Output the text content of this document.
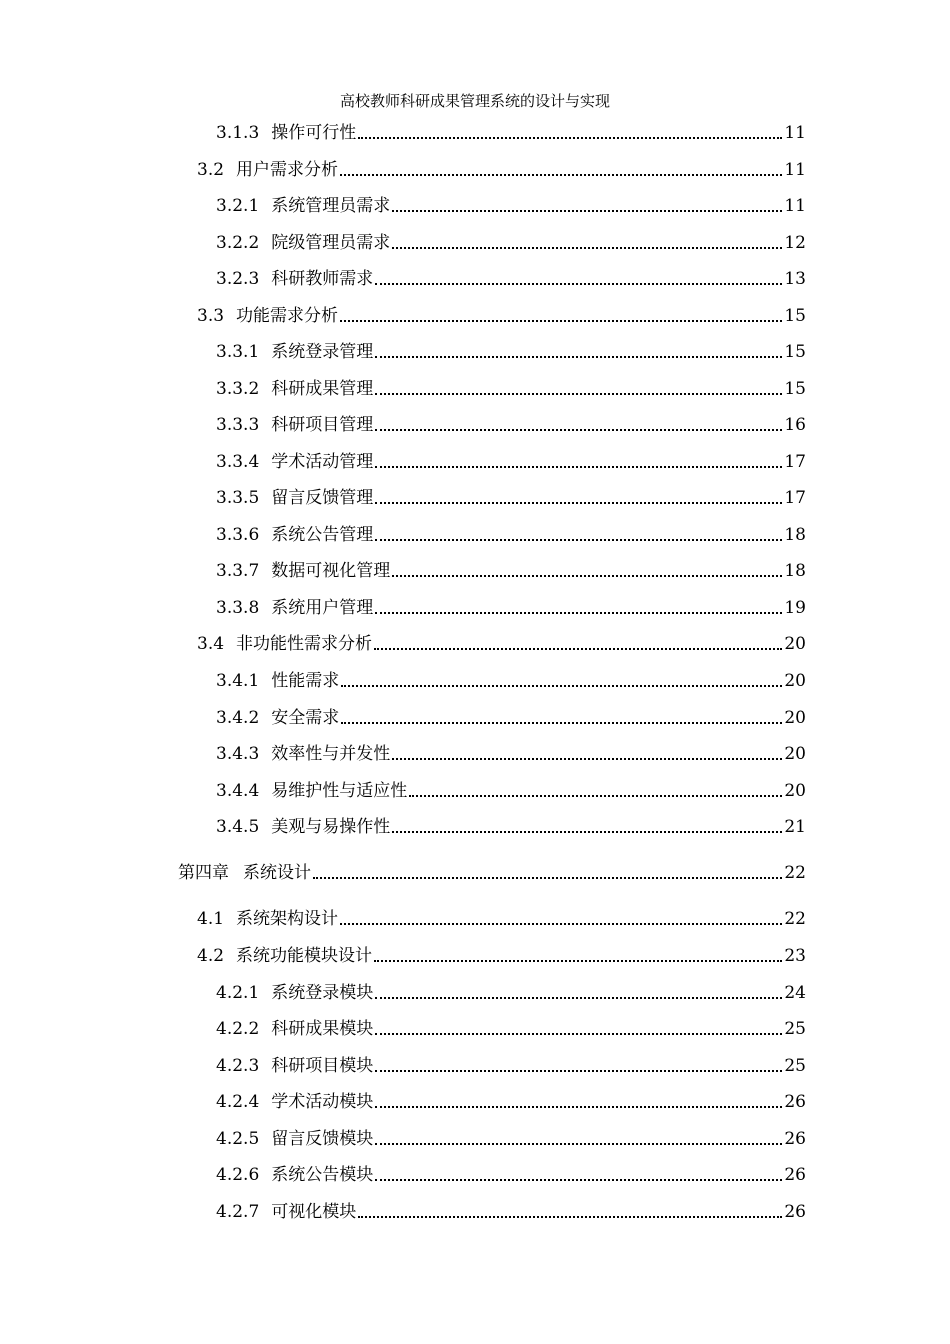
高校教师科研成果管理系统的设计与实现
3.1.3 操作可行性	11
3.2 用户需求分析	11
3.2.1 系统管理员需求	11
3.2.2 院级管理员需求	12
3.2.3 科研教师需求	13
3.3 功能需求分析	15
3.3.1 系统登录管理	15
3.3.2 科研成果管理	15
3.3.3 科研项目管理	16
3.3.4 学术活动管理	17
3.3.5 留言反馈管理	17
3.3.6 系统公告管理	18
3.3.7 数据可视化管理	18
3.3.8 系统用户管理	19
3.4 非功能性需求分析	20
3.4.1 性能需求	20
3.4.2 安全需求	20
3.4.3 效率性与并发性	20
3.4.4 易维护性与适应性	20
3.4.5 美观与易操作性	21
第四章 系统设计	22
4.1 系统架构设计	22
4.2 系统功能模块设计	23
4.2.1 系统登录模块	24
4.2.2 科研成果模块	25
4.2.3 科研项目模块	25
4.2.4 学术活动模块	26
4.2.5 留言反馈模块	26
4.2.6 系统公告模块	26
4.2.7 可视化模块	26
